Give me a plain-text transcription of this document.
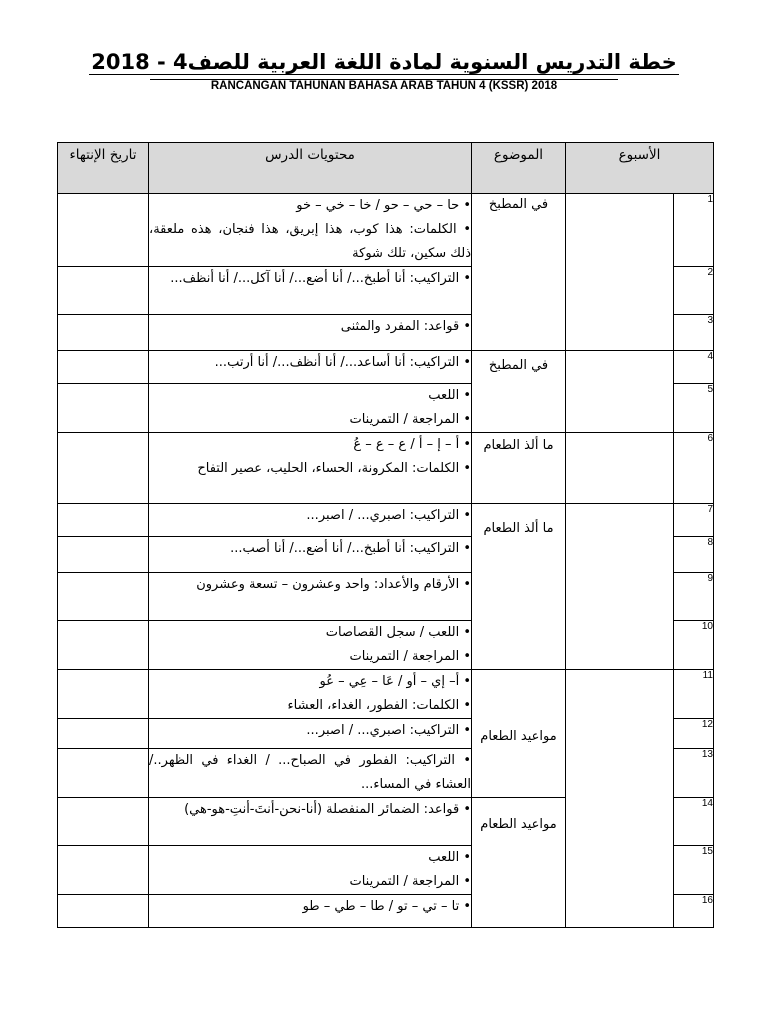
خطة التدريس السنوية لمادة اللغة العربية للصف4 - 2018
RANCANGAN TAHUNAN BAHASA ARAB TAHUN 4 (KSSR) 2018
تاريخ الإنتهاء	محتويات الدرس	الموضوع	الأسبوع	

	• حا – حي – حو / خا – خي – خو
• الكلمات: هذا كوب، هذا إبريق، هذا فنجان، هذه ملعقة، ذلك سكين، تلك شوكة	في المطبخ		1

	• التراكيب: أنا أطبخ.../ أنا أضع.../ أنا آكل.../ أنا أنظف...			2

	• قواعد: المفرد والمثنى			3

	• التراكيب: أنا أساعد.../ أنا أنظف.../ أنا أرتب...	في المطبخ		4

	• اللعب
• المراجعة / التمرينات			5

	• أ – إ – أ / ع – ع – عُ
• الكلمات: المكرونة، الحساء، الحليب، عصير التفاح	ما ألذ الطعام		6

	• التراكيب: اصبري... / اصبر...	ما ألذ الطعام		7

	• التراكيب: أنا أطبخ.../ أنا أضع.../ أنا أصب...			8

	• الأرقام والأعداد: واحد وعشرون – تسعة وعشرون			9

	• اللعب / سجل القصاصات
• المراجعة / التمرينات			10

	• أ– إي – أو / عَا – عِي – عُو
• الكلمات: الفطور، الغداء، العشاء	مواعيد الطعام		11

	• التراكيب: اصبري... / اصبر...			12

	• التراكيب: الفطور في الصباح... / الغداء في الظهر../ العشاء في المساء...			13

	• قواعد: الضمائر المنفصلة (أنا-نحن-أنتَ-أنتِ-هو-هي)	مواعيد الطعام		14

	• اللعب
• المراجعة / التمرينات			15

	• تا – تي – تو / طا – طي – طو			16
